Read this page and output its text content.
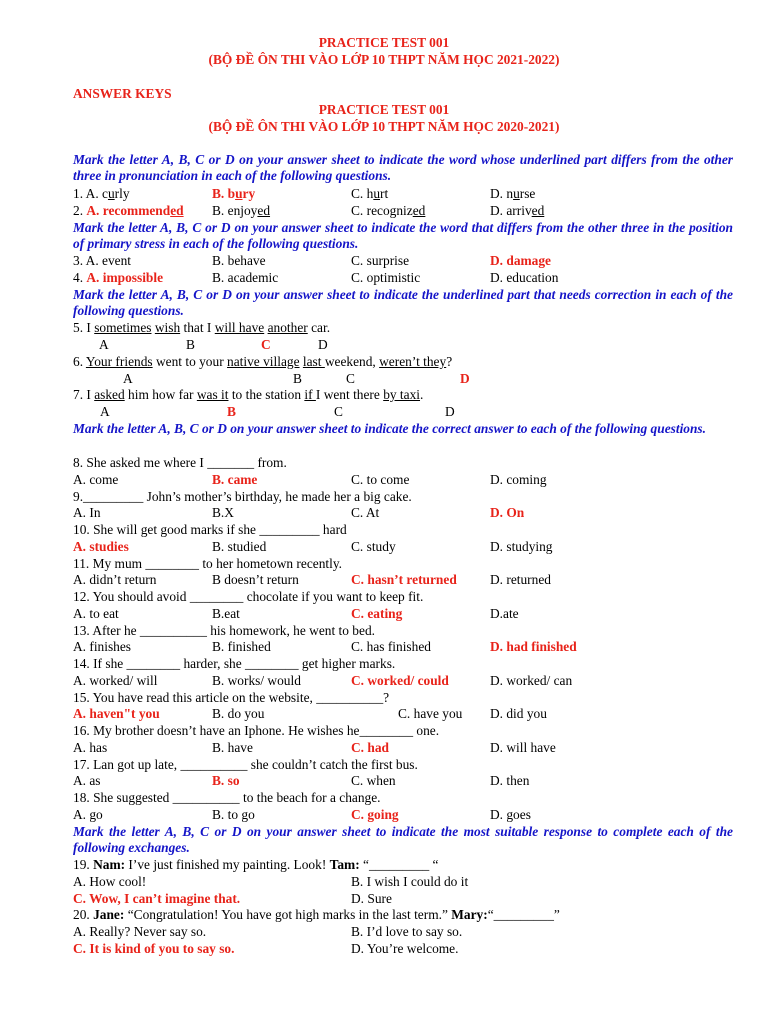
PRACTICE TEST 001
(BỘ ĐỀ ÔN THI VÀO LỚP 10 THPT NĂM HỌC 2021-2022)
ANSWER KEYS
PRACTICE TEST 001
(BỘ ĐỀ ÔN THI VÀO LỚP 10 THPT NĂM HỌC 2020-2021)
Mark the letter A, B, C or D on your answer sheet to indicate the word whose underlined part differs from the other three in pronunciation in each of the following questions.
1. A. curly	B. bury	C. hurt	D. nurse
2. A. recommended B. enjoyed	C. recognized	D. arrived
Mark the letter A, B, C or D on your answer sheet to indicate the word that differs from the other three in the position of primary stress in each of the following questions.
3. A. event	B. behave	C. surprise	D. damage
4. A. impossible	B. academic	C. optimistic	D. education
Mark the letter A, B, C or D on your answer sheet to indicate the underlined part that needs correction in each of the following questions.
5. I sometimes wish that I will have another car.
A	B	C	D
6. Your friends went to your native village last weekend, weren’t they?
A	B	C	D
7. I asked him how far was it to the station if I went there by taxi.
A	B	C	D
Mark the letter A, B, C or D on your answer sheet to indicate the correct answer to each of the following questions.
8. She asked me where I _______ from.
A. come	B. came	C. to come	D. coming
9._________ John’s mother’s birthday, he made her a big cake.
A. In	B.X	C. At	D. On
10. She will get good marks if she _________ hard
A. studies	B. studied	C. study	D. studying
11. My mum ________ to her hometown recently.
A. didn’t return	B doesn’t return	C. hasn’t returned D. returned
12. You should avoid ________ chocolate if you want to keep fit.
A. to eat	B.eat	C. eating	D.ate
13. After he __________ his homework, he went to bed.
A. finishes	B. finished	C. has finished	D. had finished
14. If she ________ harder, she ________ get higher marks.
A. worked/ will	B. works/ would	C. worked/ could	D. worked/ can
15. You have read this article on the website, __________?
A. haven"t you	B. do you	C. have you D. did you
16. My brother doesn’t have an Iphone. He wishes he________ one.
A. has	B. have	C. had	D. will have
17. Lan got up late, __________ she couldn’t catch the first bus.
A. as	B. so	C. when	D. then
18. She suggested __________ to the beach for a change.
A. go	B. to go	C. going	D. goes
Mark the letter A, B, C or D on your answer sheet to indicate the most suitable response to complete each of the following exchanges.
19. Nam: I’ve just finished my painting. Look! Tam: “_________ “
A. How cool!	B. I wish I could do it
C. Wow, I can’t imagine that.	D. Sure
20. Jane: “Congratulation! You have got high marks in the last term.” Mary:“_________”
A. Really? Never say so.	B. I’d love to say so.
C. It is kind of you to say so.	D. You’re welcome.
